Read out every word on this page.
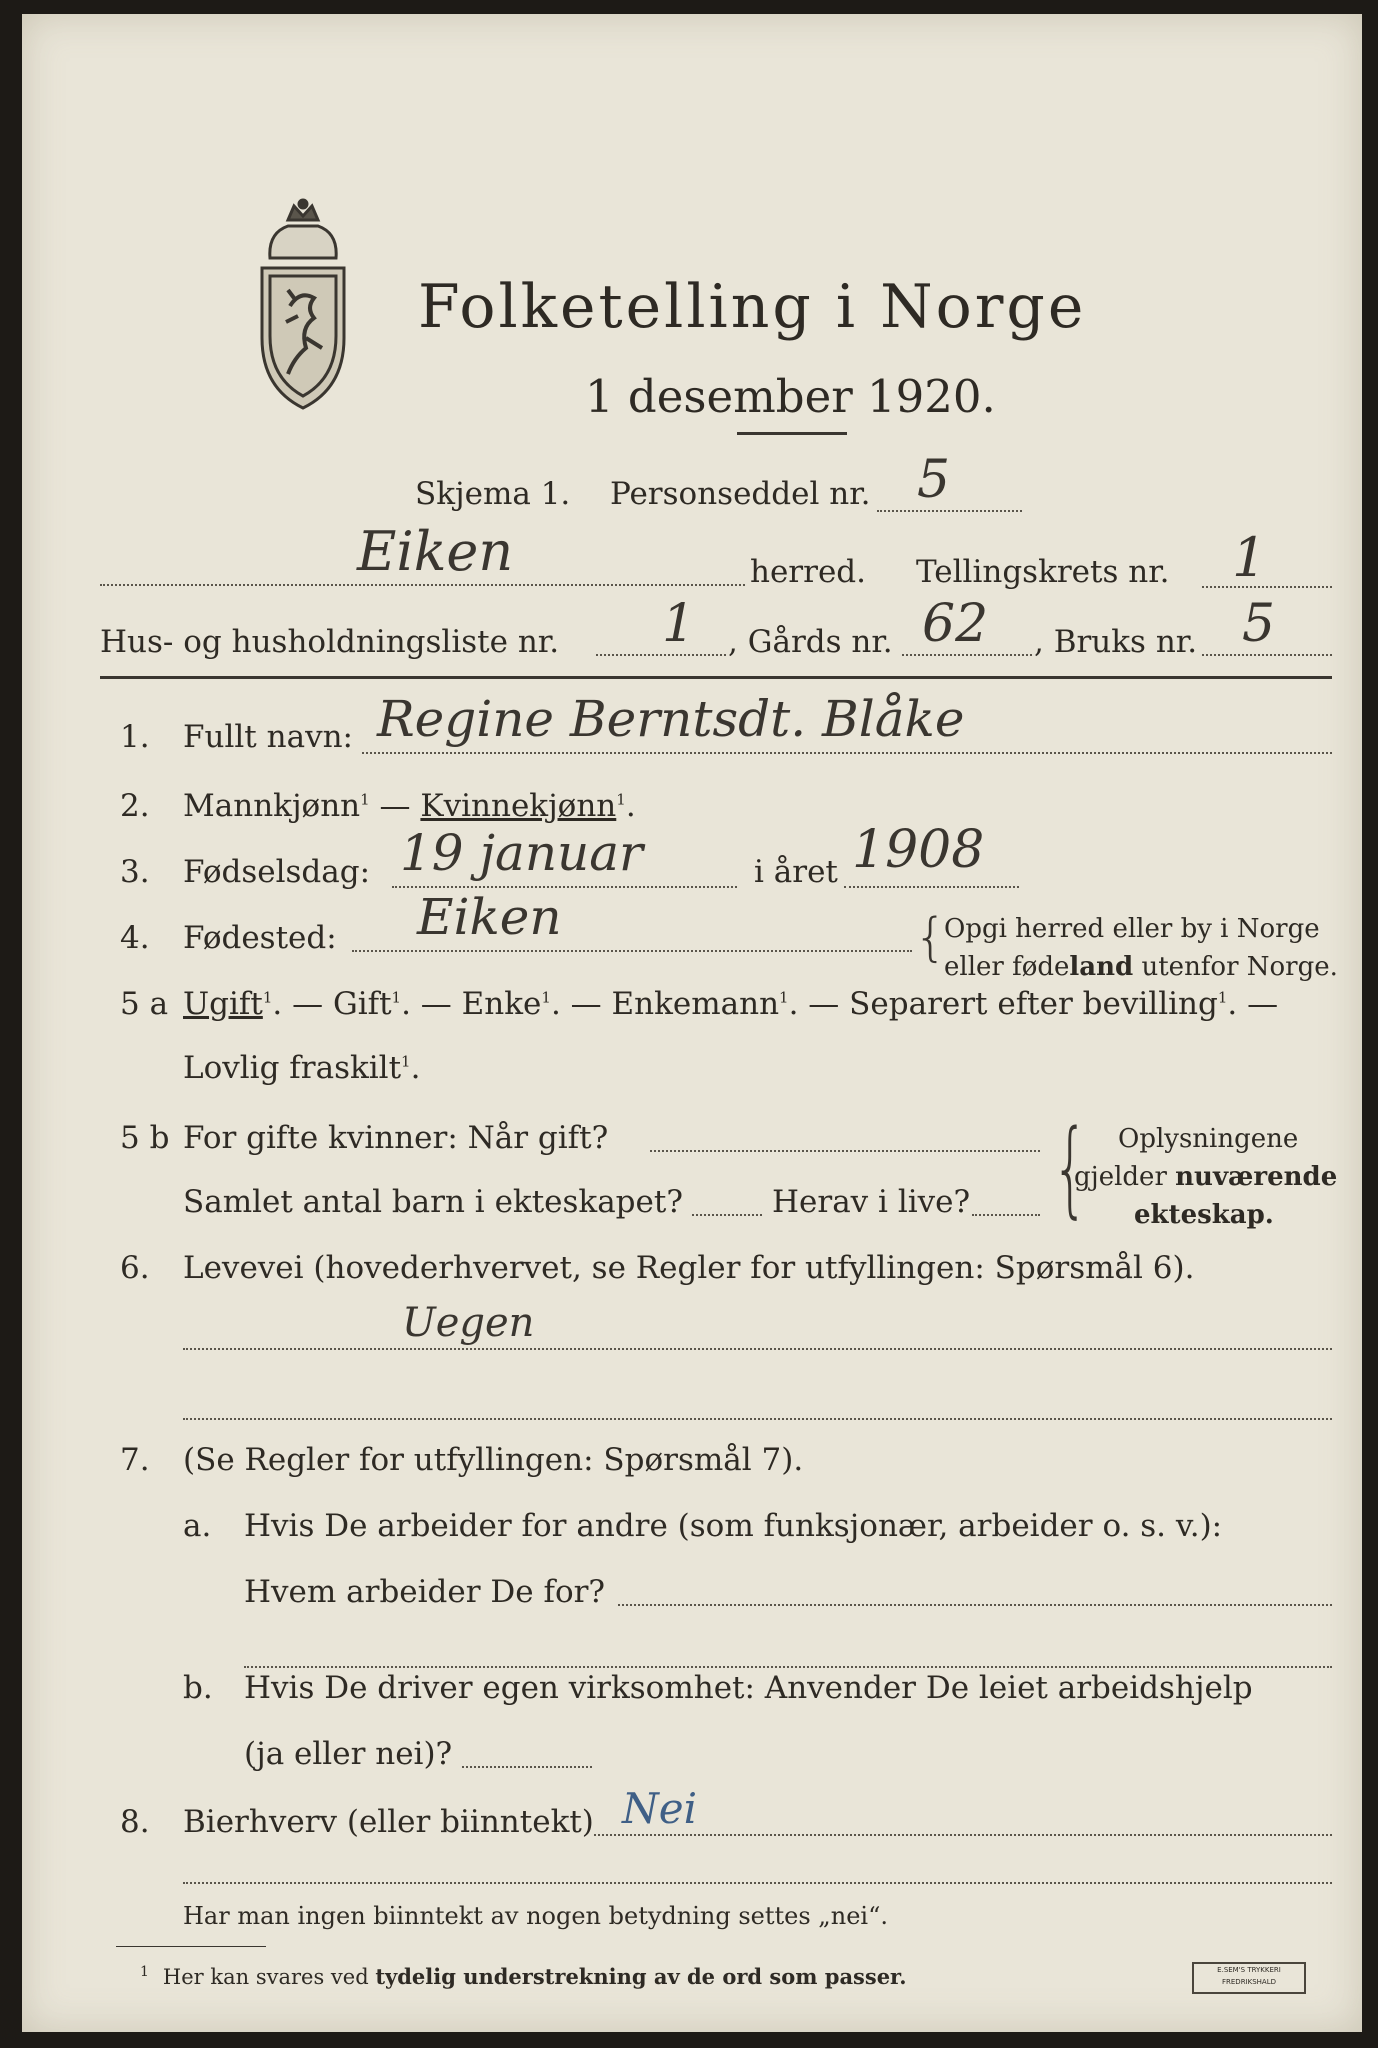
Folketelling i Norge
1 desember 1920.
Skjema 1. Personseddel nr. 5
Eiken	herred. Tellingskrets nr. 1
Hus- og husholdningsliste nr. 1 , Gårds nr. 62 , Bruks nr. 5
1. Fullt navn: Regine Berntsdt. Blåke
2. Mannkjønn$^1$ — Kvinnekjønn$^1$.
3. Fødselsdag: 19 januar	i året 1908
4. Fødested: Eiken	{
Opgi herred eller by i Norge
eller fødeland utenfor Norge.
5 a Ugift$^1$. — Gift$^1$. — Enke$^1$. — Enkemann$^1$. — Separert efter bevilling$^1$. —
Lovlig fraskilt$^1$.
5 b For gifte kvinner: Når gift?
Samlet antal barn i ekteskapet?	Herav i live? { Oplysningene
gjelder nuværende
ekteskap.
6. Levevei (hovederhvervet, se Regler for utfyllingen: Spørsmål 6).
Uegen
7. (Se Regler for utfyllingen: Spørsmål 7).
a. Hvis De arbeider for andre (som funksjonær, arbeider o. s. v.):
Hvem arbeider De for?
b. Hvis De driver egen virksomhet: Anvender De leiet arbeidshjelp
(ja eller nei)?
8. Bierhverv (eller biinntekt) Nei
Har man ingen biinntekt av nogen betydning settes „nei“.
$^1$ Her kan svares ved tydelig understrekning av de ord som passer.	E.SEM'S TRYKKERI
FREDRIKSHALD
